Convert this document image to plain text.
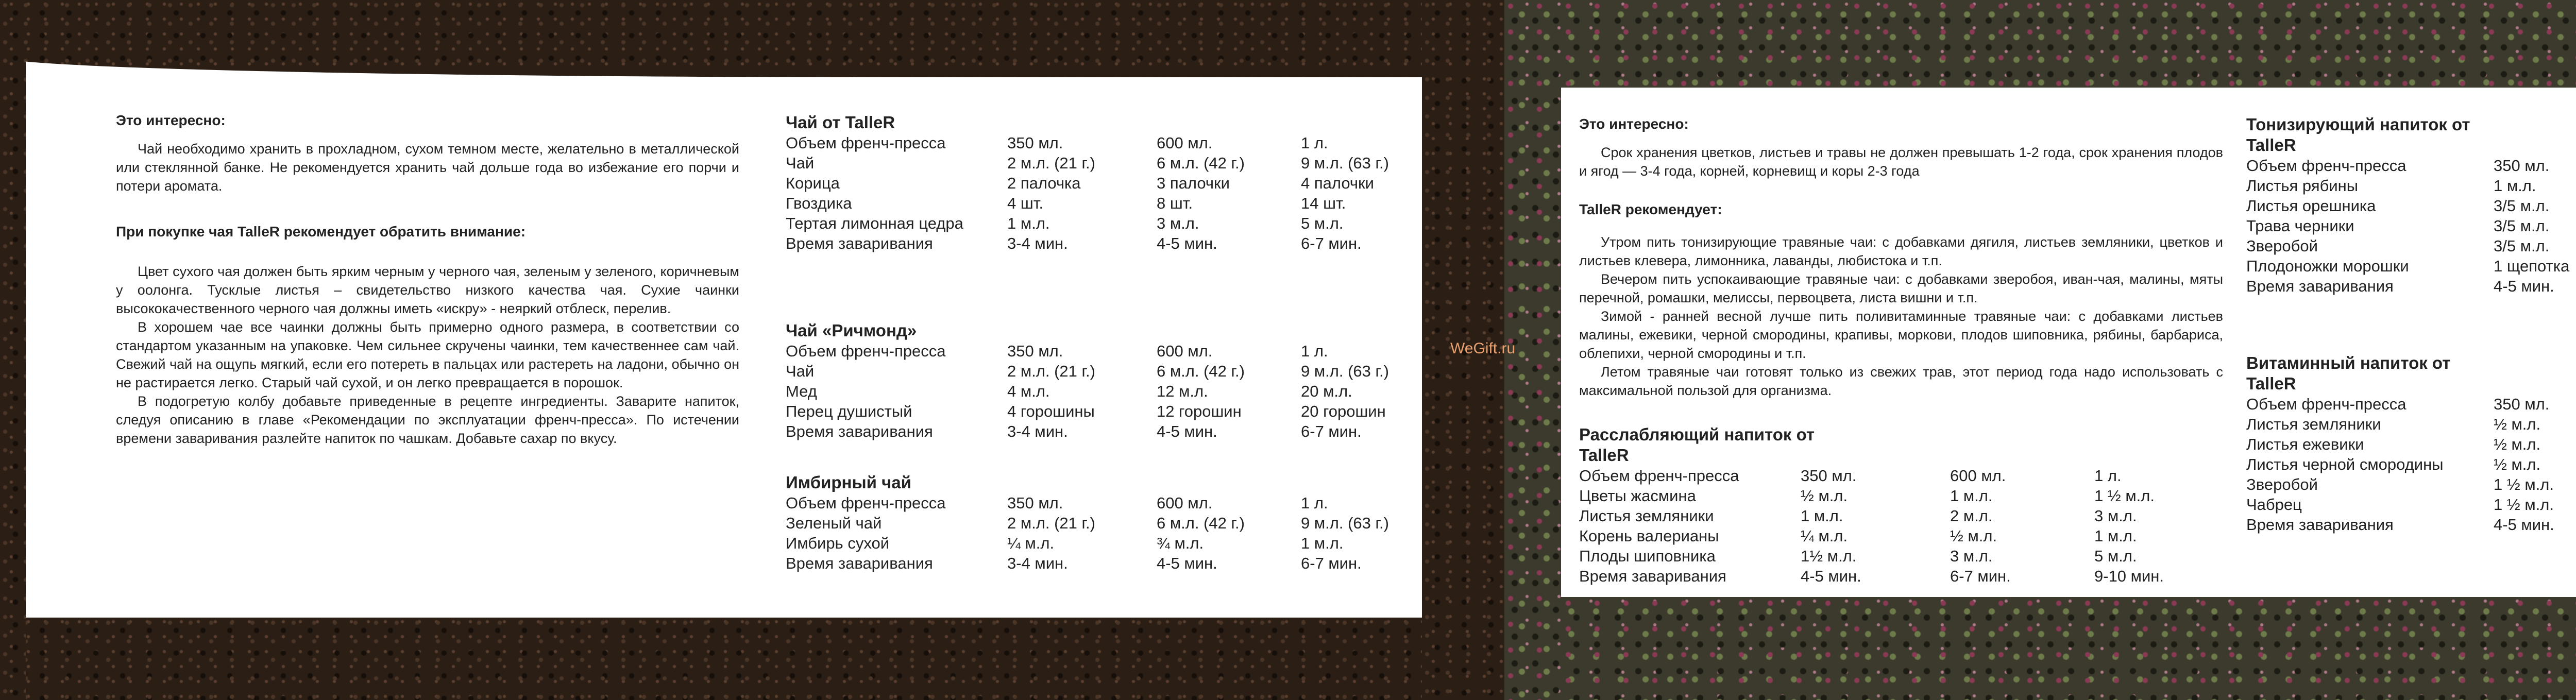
Это интересно:

Чай необходимо хранить в прохладном, сухом темном месте, желательно в металлической или стеклянной банке. Не рекомендуется хранить чай дольше года во избежание его порчи и потери аромата.

При покупке чая TalleR рекомендует обратить внимание:

Цвет сухого чая должен быть ярким черным у черного чая, зеленым у зеленого, коричневым у оолонга. Тусклые листья – свидетельство низкого качества чая. Сухие чаинки высококачественного черного чая должны иметь «искру» - неяркий отблеск, перелив.

В хорошем чае все чаинки должны быть примерно одного размера, в соответствии со стандартом указанным на упаковке. Чем сильнее скручены чаинки, тем качественнее сам чай. Свежий чай на ощупь мягкий, если его потереть в пальцах или растереть на ладони, обычно он не растирается легко. Старый чай сухой, и он легко превращается в порошок.

В подогретую колбу добавьте приведенные в рецепте ингредиенты. Заварите напиток, следуя описанию в главе «Рекомендации по эксплуатации френч-пресса». По истечении времени заваривания разлейте напиток по чашкам. Добавьте сахар по вкусу.

Чай от TalleR

Объем френч-пресса	350 мл.	600 мл.	1 л.
Чай	2 м.л. (21 г.)	6 м.л. (42 г.)	9 м.л. (63 г.)
Корица	2 палочка	3 палочки	4 палочки
Гвоздика	4 шт.	8 шт.	14 шт.
Тертая лимонная цедра	1 м.л.	3 м.л.	5 м.л.
Время заваривания	3-4 мин.	4-5 мин.	6-7 мин.

Чай «Ричмонд»

Объем френч-пресса	350 мл.	600 мл.	1 л.
Чай	2 м.л. (21 г.)	6 м.л. (42 г.)	9 м.л. (63 г.)
Мед	4 м.л.	12 м.л.	20 м.л.
Перец душистый	4 горошины	12 горошин	20 горошин
Время заваривания	3-4 мин.	4-5 мин.	6-7 мин.

Имбирный чай

Объем френч-пресса	350 мл.	600 мл.	1 л.
Зеленый чай	2 м.л. (21 г.)	6 м.л. (42 г.)	9 м.л. (63 г.)
Имбирь сухой	¼ м.л.	¾ м.л.	1 м.л.
Время заваривания	3-4 мин.	4-5 мин.	6-7 мин.
WeGift.ru

Это интересно:

Срок хранения цветков, листьев и травы не должен превышать 1-2 года, срок хранения плодов и ягод — 3-4 года, корней, корневищ и коры 2-3 года

TalleR рекомендует:

Утром пить тонизирующие травяные чаи: с добавками дягиля, листьев земляники, цветков и листьев клевера, лимонника, лаванды, любистока и т.п.

Вечером пить успокаивающие травяные чаи: с добавками зверобоя, иван-чая, малины, мяты перечной, ромашки, мелиссы, первоцвета, листа вишни и т.п.

Зимой - ранней весной лучше пить поливитаминные травяные чаи: с добавками листьев малины, ежевики, черной смородины, крапивы, моркови, плодов шиповника, рябины, барбариса, облепихи, черной смородины и т.п.

Летом травяные чаи готовят только из свежих трав, этот период года надо использовать с максимальной пользой для организма.

Расслабляющий напиток от TalleR

Объем френч-пресса	350 мл.	600 мл.	1 л.
Цветы жасмина	½ м.л.	1 м.л.	1 ½ м.л.
Листья земляники	1 м.л.	2 м.л.	3 м.л.
Корень валерианы	¼ м.л.	½ м.л.	1 м.л.
Плоды шиповника	1½ м.л.	3 м.л.	5 м.л.
Время заваривания	4-5 мин.	6-7 мин.	9-10 мин.

Тонизирующий напиток от TalleR

Объем френч-пресса	350 мл.		
Листья рябины	1 м.л.		
Листья орешника	3/5 м.л.		
Трава черники	3/5 м.л.		
Зверобой	3/5 м.л.		
Плодоножки морошки	1 щепотка		
Время заваривания	4-5 мин.		

Витаминный напиток от TalleR

Объем френч-пресса	350 мл.		
Листья земляники	½ м.л.		
Листья ежевики	½ м.л.		
Листья черной смородины	½ м.л.		
Зверобой	1 ½ м.л.		
Чабрец	1 ½ м.л.		
Время заваривания	4-5 мин.		
